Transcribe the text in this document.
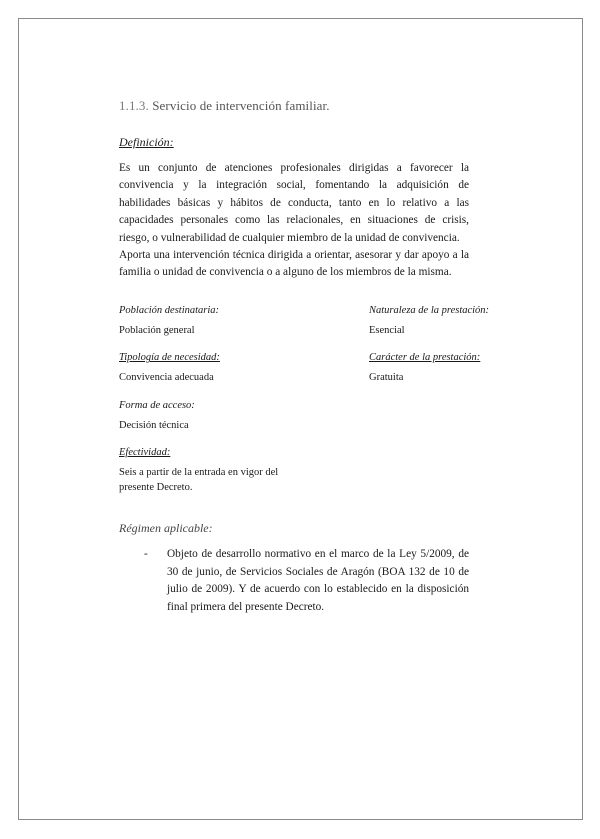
1.1.3. Servicio de intervención familiar.
Definición:

Es un conjunto de atenciones profesionales dirigidas a favorecer la convivencia y la integración social, fomentando la adquisición de habilidades básicas y hábitos de conducta, tanto en lo relativo a las capacidades personales como las relacionales, en situaciones de crisis, riesgo, o vulnerabilidad de cualquier miembro de la unidad de convivencia.

Aporta una intervención técnica dirigida a orientar, asesorar y dar apoyo a la familia o unidad de convivencia o a alguno de los miembros de la misma.

Población destinataria:
Población general
Naturaleza de la prestación:
Esencial
Tipología de necesidad:
Convivencia adecuada
Carácter de la prestación:
Gratuita
Forma de acceso:
Decisión técnica
Efectividad:
Seis a partir de la entrada en vigor del presente Decreto.
Régimen aplicable:
-	Objeto de desarrollo normativo en el marco de la Ley 5/2009, de 30 de junio, de Servicios Sociales de Aragón (BOA 132 de 10 de julio de 2009). Y de acuerdo con lo establecido en la disposición final primera del presente Decreto.
